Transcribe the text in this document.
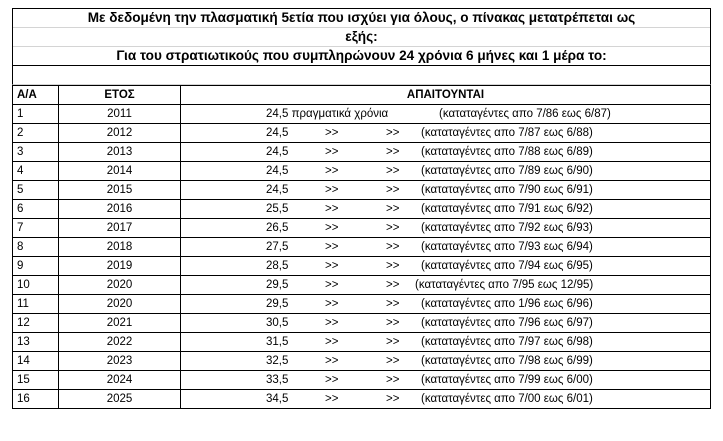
Με δεδομένη την πλασματική 5ετία που ισχύει για όλους, ο πίνακας μετατρέπεται ως
εξής:
Για του στρατιωτικούς που συμπληρώνουν 24 χρόνια 6 μήνες και 1 μέρα το:
Α/Α	ΕΤΟΣ	ΑΠΑΙΤΟΥΝΤΑΙ
1	2011	24,5 πραγματικά χρόνια (καταταγέντες απο 7/86 εως 6/87)

2	2012	24,5 >> >> (καταταγέντες απο 7/87 εως 6/88)

3	2013	24,5 >> >> (καταταγέντες απο 7/88 εως 6/89)

4	2014	24,5 >> >> (καταταγέντες απο 7/89 εως 6/90)

5	2015	24,5 >> >> (καταταγέντες απο 7/90 εως 6/91)

6	2016	25,5 >> >> (καταταγέντες απο 7/91 εως 6/92)

7	2017	26,5 >> >> (καταταγέντες απο 7/92 εως 6/93)

8	2018	27,5 >> >> (καταταγέντες απο 7/93 εως 6/94)

9	2019	28,5 >> >> (καταταγέντες απο 7/94 εως 6/95)

10	2020	29,5 >> >> (καταταγέντες απο 7/95 εως 12/95)

11	2020	29,5 >> >> (καταταγέντες απο 1/96 εως 6/96)

12	2021	30,5 >> >> (καταταγέντες απο 7/96 εως 6/97)

13	2022	31,5 >> >> (καταταγέντες απο 7/97 εως 6/98)

14	2023	32,5 >> >> (καταταγέντες απο 7/98 εως 6/99)

15	2024	33,5 >> >> (καταταγέντες απο 7/99 εως 6/00)

16	2025	34,5 >> >> (καταταγέντες απο 7/00 εως 6/01)
